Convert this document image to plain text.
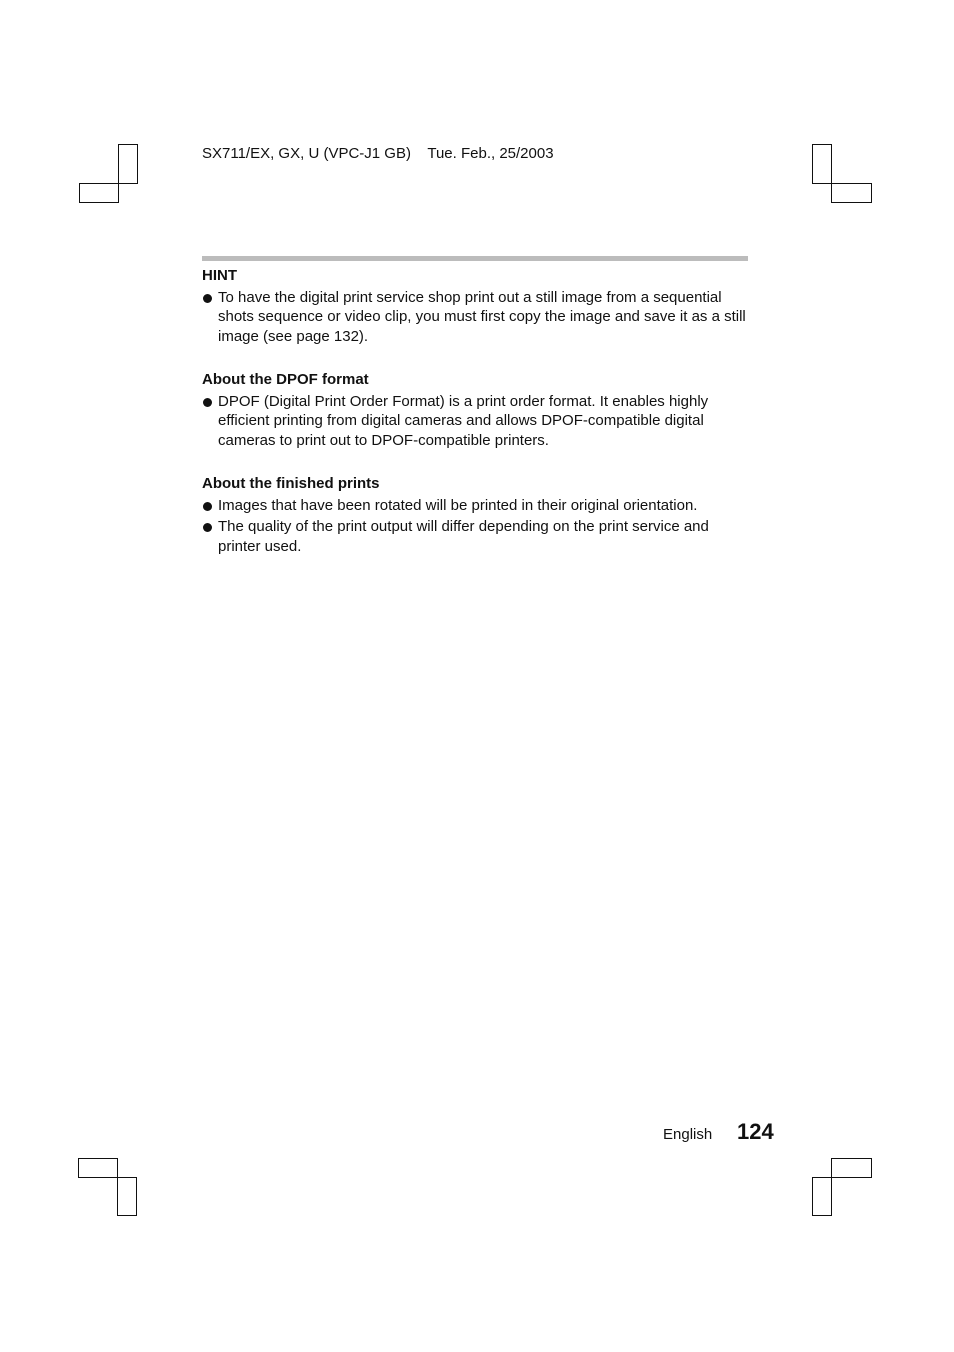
SX711/EX, GX, U (VPC-J1 GB) Tue. Feb., 25/2003
HINT
To have the digital print service shop print out a still image from a sequential shots sequence or video clip, you must first copy the image and save it as a still image (see page 132).
About the DPOF format
DPOF (Digital Print Order Format) is a print order format. It enables highly efficient printing from digital cameras and allows DPOF-compatible digital cameras to print out to DPOF-compatible printers.
About the finished prints
Images that have been rotated will be printed in their original orientation.
The quality of the print output will differ depending on the print service and printer used.
English 124
